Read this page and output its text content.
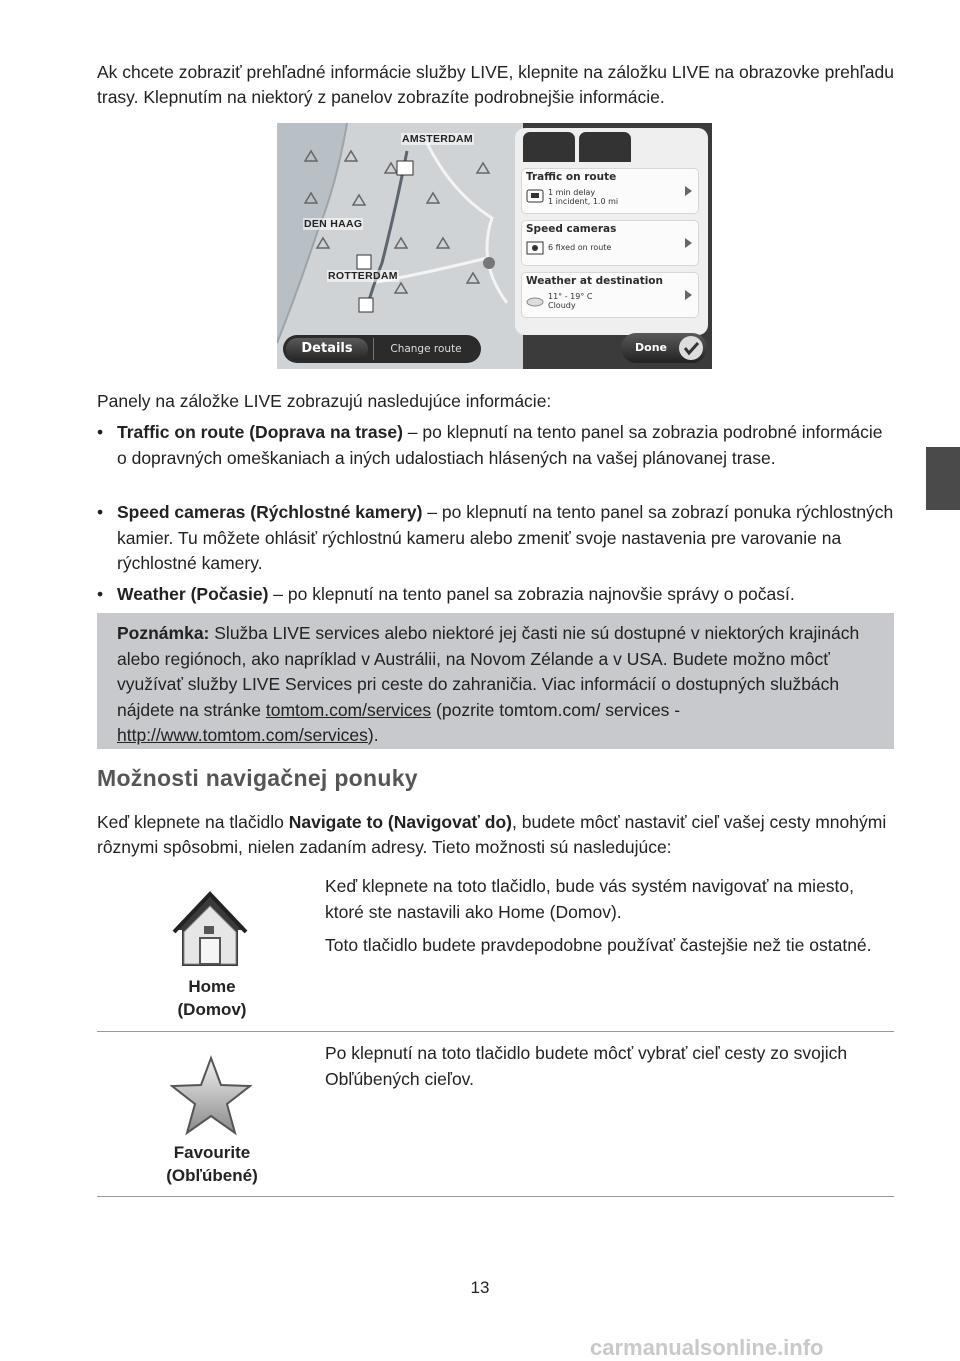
Ak chcete zobraziť prehľadné informácie služby LIVE, klepnite na záložku LIVE na obrazovke prehľadu trasy. Klepnutím na niektorý z panelov zobrazíte podrobnejšie informácie.

AMSTERDAM
DEN HAAG
ROTTERDAM
Traffic on route
1 min delay
1 incident, 1.0 mi
Speed cameras
6 fixed on route
Weather at destination
11° - 19° C
Cloudy
Details	Change route	Done

Panely na záložke LIVE zobrazujú nasledujúce informácie:

• Traffic on route (Doprava na trase) – po klepnutí na tento panel sa zobrazia podrobné informácie o dopravných omeškaniach a iných udalostiach hlásených na vašej plánovanej trase.
• Speed cameras (Rýchlostné kamery) – po klepnutí na tento panel sa zobrazí ponuka rýchlostných kamier. Tu môžete ohlásiť rýchlostnú kameru alebo zmeniť svoje nastavenia pre varovanie na rýchlostné kamery.
• Weather (Počasie) – po klepnutí na tento panel sa zobrazia najnovšie správy o počasí.

Poznámka: Služba LIVE services alebo niektoré jej časti nie sú dostupné v niektorých krajinách alebo regiónoch, ako napríklad v Austrálii, na Novom Zélande a v USA. Budete možno môcť využívať služby LIVE Services pri ceste do zahraničia. Viac informácií o dostupných službách nájdete na stránke tomtom.com/services (pozrite tomtom.com/ services - http://www.tomtom.com/services).

Možnosti navigačnej ponuky

Keď klepnete na tlačidlo Navigate to (Navigovať do), budete môcť nastaviť cieľ vašej cesty mnohými rôznymi spôsobmi, nielen zadaním adresy. Tieto možnosti sú nasledujúce:

Home
(Domov)

Keď klepnete na toto tlačidlo, bude vás systém navigovať na miesto, ktoré ste nastavili ako Home (Domov).

Toto tlačidlo budete pravdepodobne používať častejšie než tie ostatné.

Favourite
(Obľúbené)

Po klepnutí na toto tlačidlo budete môcť vybrať cieľ cesty zo svojich Obľúbených cieľov.

13
carmanualsonline.info
